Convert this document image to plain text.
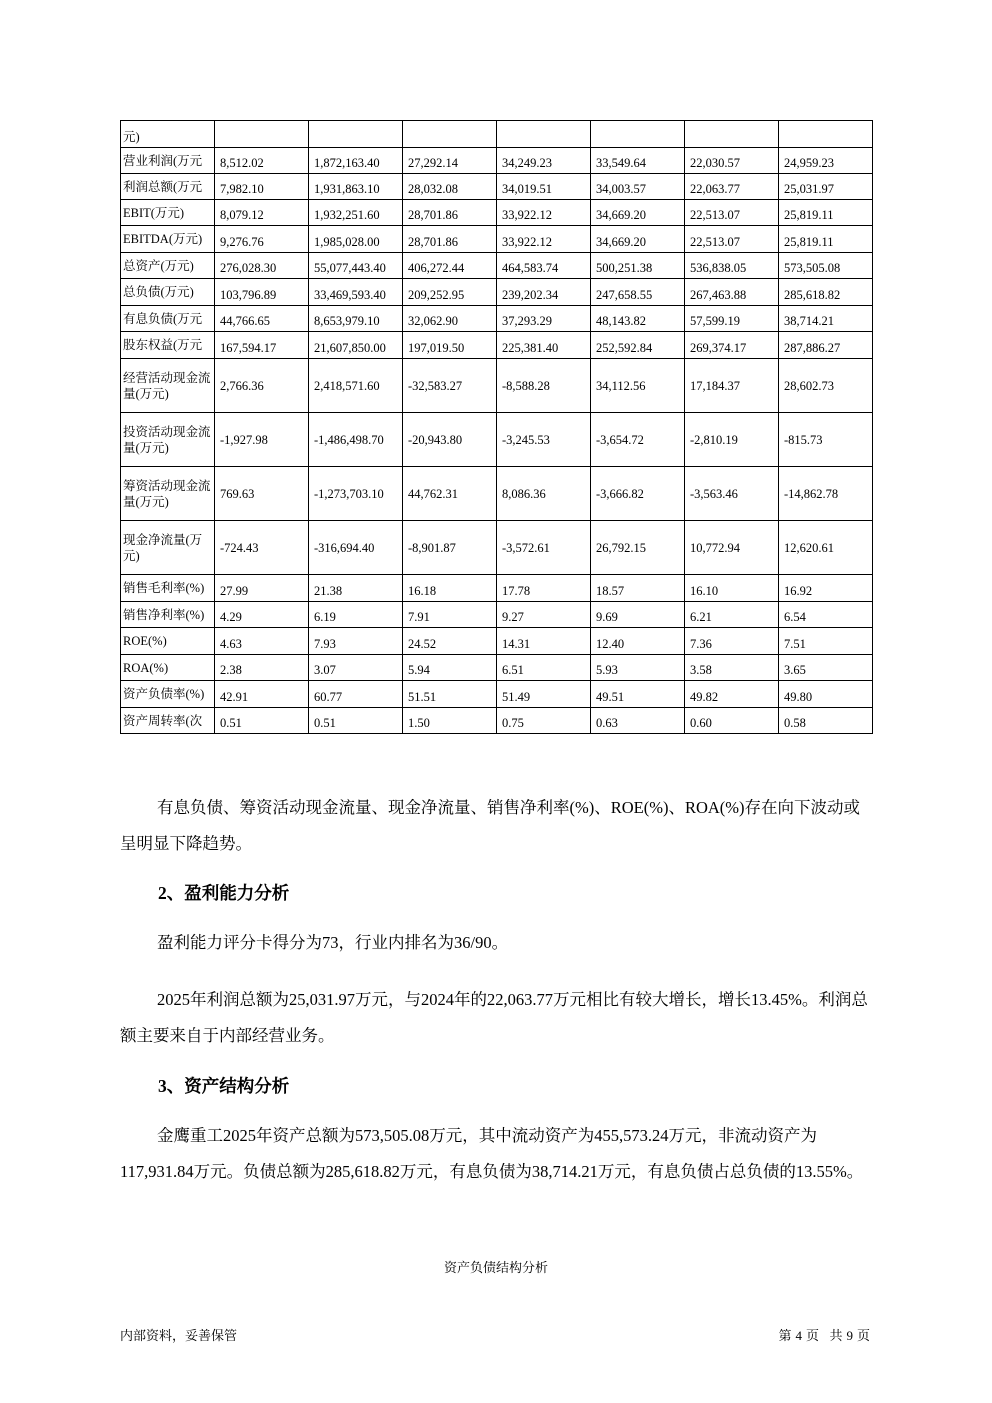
元)							
营业利润(万元	8,512.02	1,872,163.40	27,292.14	34,249.23	33,549.64	22,030.57	24,959.23
利润总额(万元	7,982.10	1,931,863.10	28,032.08	34,019.51	34,003.57	22,063.77	25,031.97
EBIT(万元)	8,079.12	1,932,251.60	28,701.86	33,922.12	34,669.20	22,513.07	25,819.11
EBITDA(万元)	9,276.76	1,985,028.00	28,701.86	33,922.12	34,669.20	22,513.07	25,819.11
总资产(万元)	276,028.30	55,077,443.40	406,272.44	464,583.74	500,251.38	536,838.05	573,505.08
总负债(万元)	103,796.89	33,469,593.40	209,252.95	239,202.34	247,658.55	267,463.88	285,618.82
有息负债(万元	44,766.65	8,653,979.10	32,062.90	37,293.29	48,143.82	57,599.19	38,714.21
股东权益(万元	167,594.17	21,607,850.00	197,019.50	225,381.40	252,592.84	269,374.17	287,886.27
经营活动现金流量(万元)	2,766.36	2,418,571.60	-32,583.27	-8,588.28	34,112.56	17,184.37	28,602.73
投资活动现金流量(万元)	-1,927.98	-1,486,498.70	-20,943.80	-3,245.53	-3,654.72	-2,810.19	-815.73
筹资活动现金流量(万元)	769.63	-1,273,703.10	44,762.31	8,086.36	-3,666.82	-3,563.46	-14,862.78
现金净流量(万元)	-724.43	-316,694.40	-8,901.87	-3,572.61	26,792.15	10,772.94	12,620.61
销售毛利率(%)	27.99	21.38	16.18	17.78	18.57	16.10	16.92
销售净利率(%)	4.29	6.19	7.91	9.27	9.69	6.21	6.54
ROE(%)	4.63	7.93	24.52	14.31	12.40	7.36	7.51
ROA(%)	2.38	3.07	5.94	6.51	5.93	3.58	3.65
资产负债率(%)	42.91	60.77	51.51	51.49	49.51	49.82	49.80
资产周转率(次	0.51	0.51	1.50	0.75	0.63	0.60	0.58

有息负债、筹资活动现金流量、现金净流量、销售净利率(%)、ROE(%)、ROA(%)存在向下波动或呈明显下降趋势。

2、盈利能力分析

盈利能力评分卡得分为73，行业内排名为36/90。

2025年利润总额为25,031.97万元，与2024年的22,063.77万元相比有较大增长，增长13.45%。利润总额主要来自于内部经营业务。

3、资产结构分析

金鹰重工2025年资产总额为573,505.08万元，其中流动资产为455,573.24万元，非流动资产为117,931.84万元。负债总额为285,618.82万元，有息负债为38,714.21万元，有息负债占总负债的13.55%。

资产负债结构分析

内部资料，妥善保管	第 4 页 共 9 页
